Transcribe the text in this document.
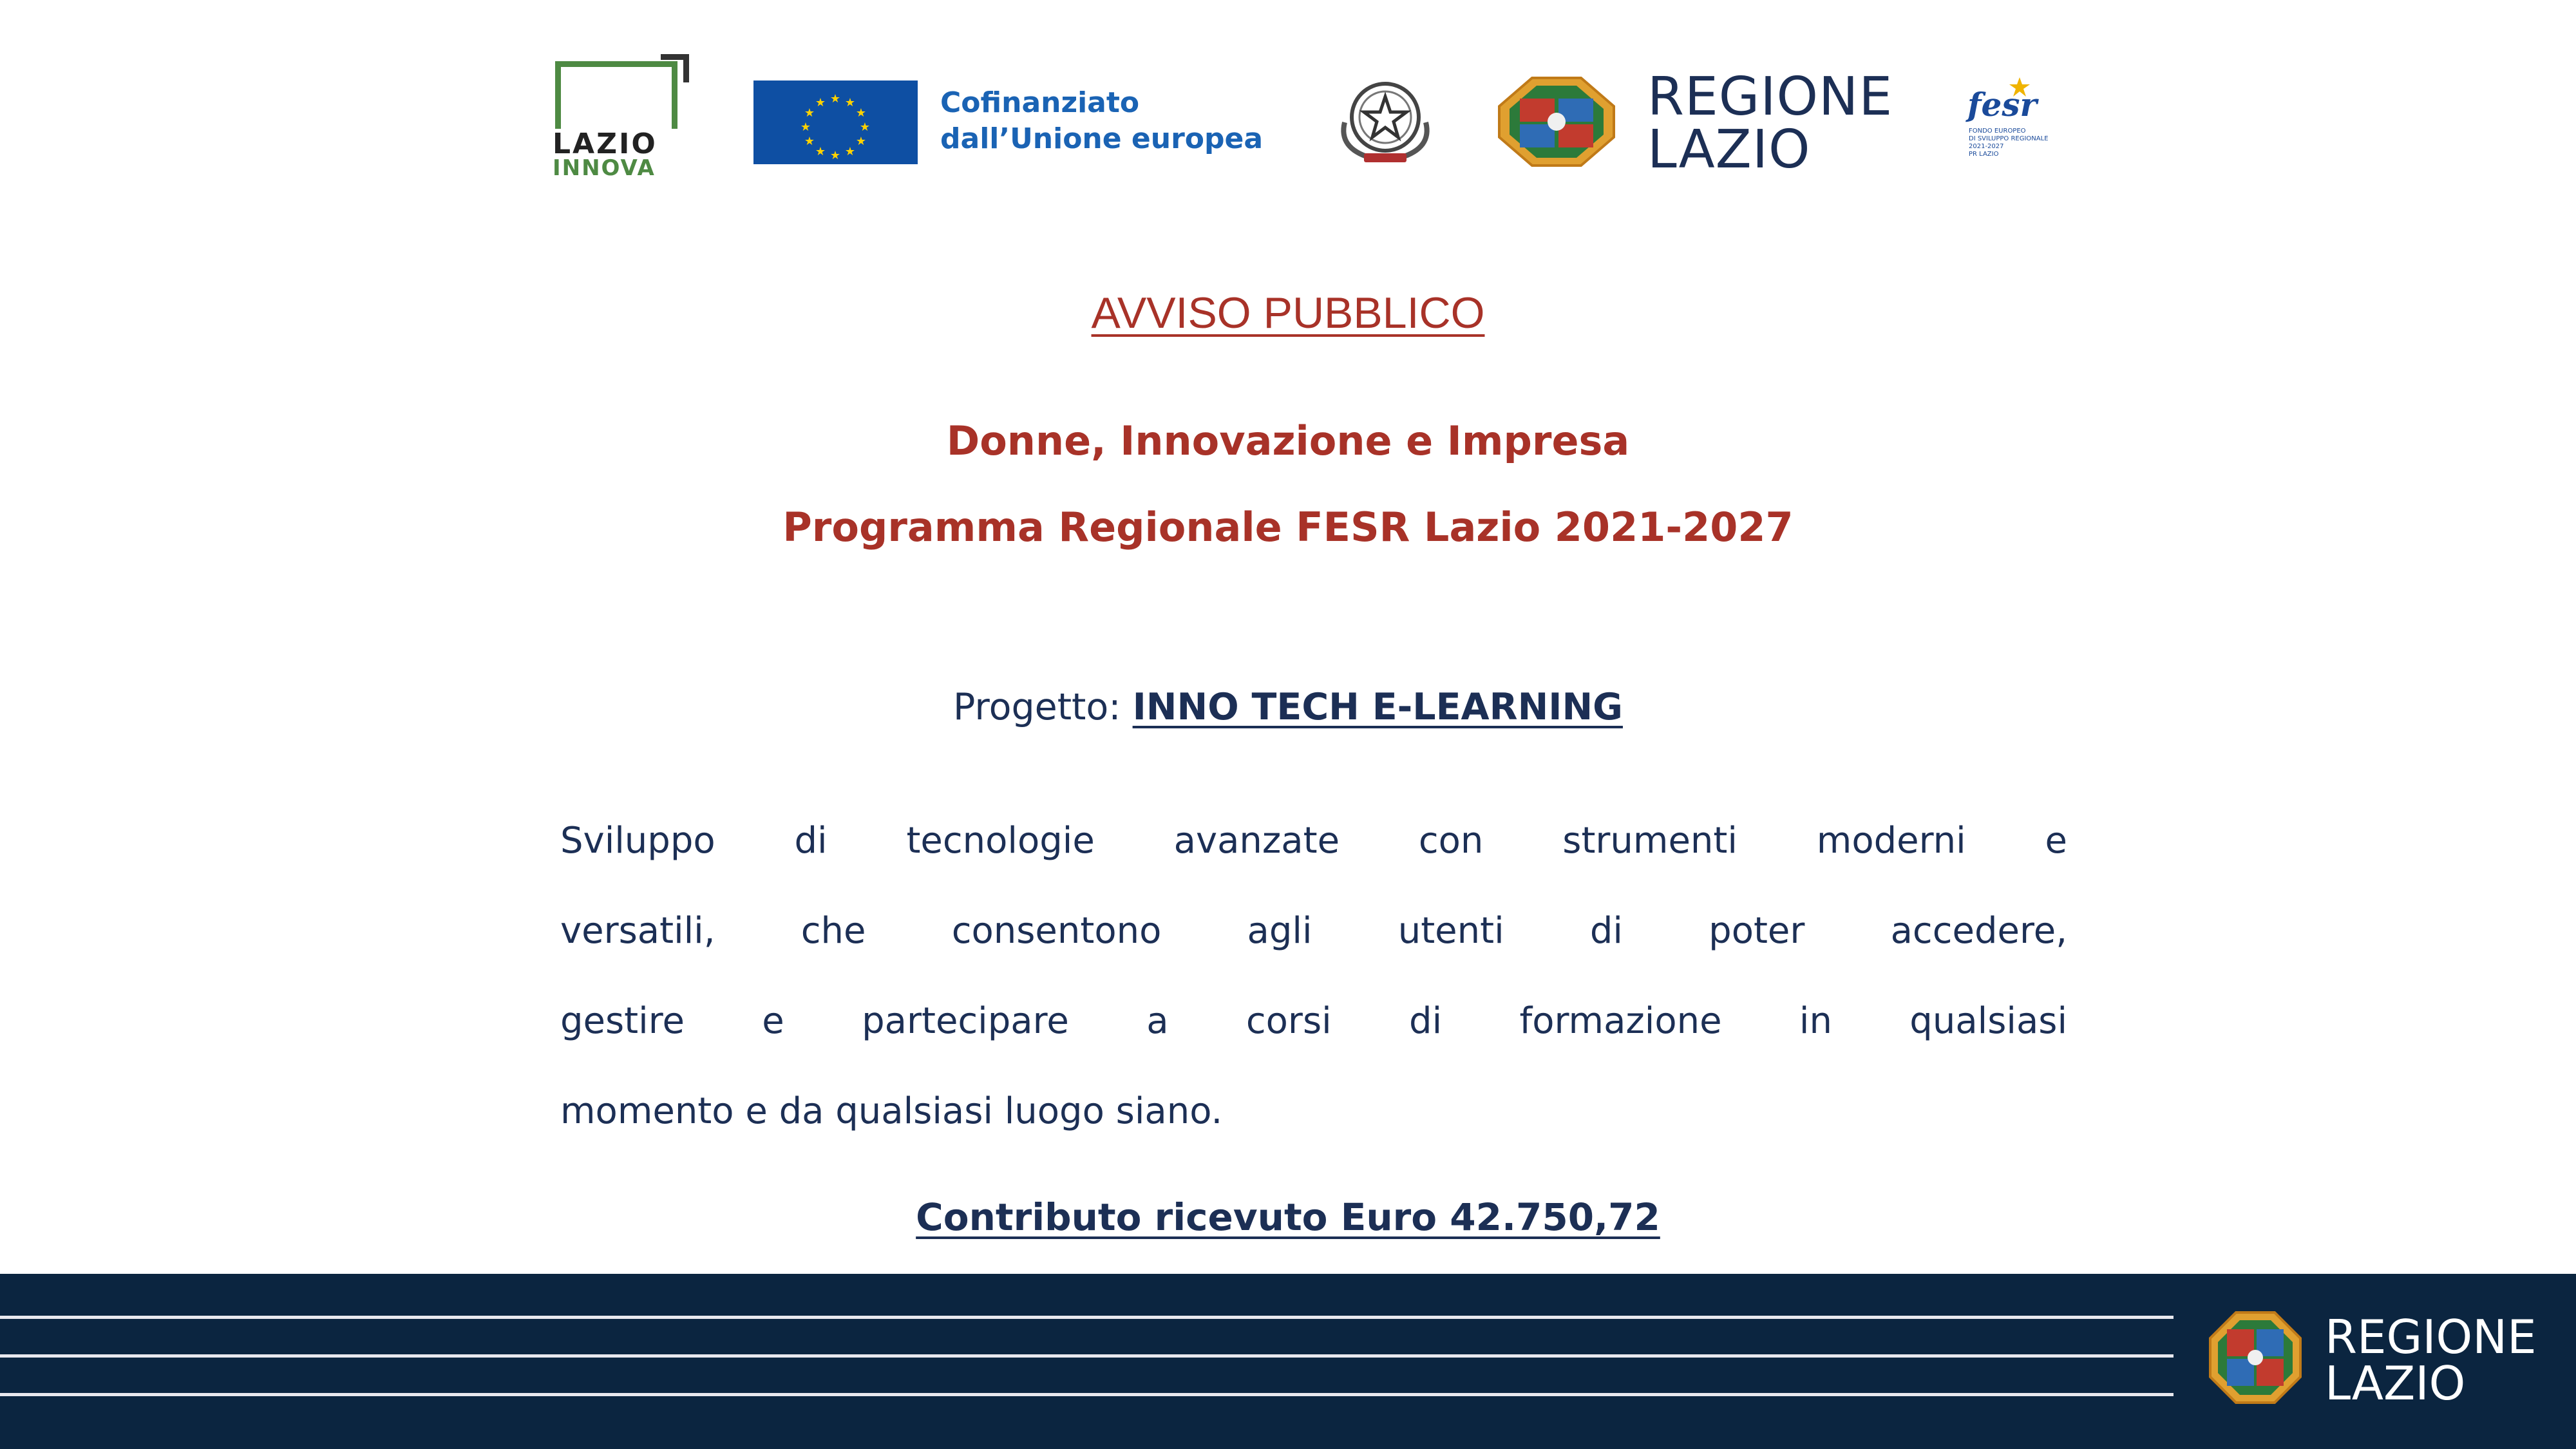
LAZIO
INNOVA
★ ★
★
★
★
★
★
★
★
★
★
★	Cofinanziato
dall’Unione europea
REGIONE
LAZIO
fesr
FONDO EUROPEO
DI SVILUPPO REGIONALE
2021-2027
PR LAZIO
AVVISO PUBBLICO
Donne, Innovazione e Impresa
Programma Regionale FESR Lazio 2021-2027
Progetto: INNO TECH E-LEARNING
Sviluppo di tecnologie avanzate con strumenti moderni e
versatili, che consentono agli utenti di poter accedere,
gestire e partecipare a corsi di formazione in qualsiasi
momento e da qualsiasi luogo siano.
Contributo ricevuto Euro 42.750,72
REGIONE
LAZIO
